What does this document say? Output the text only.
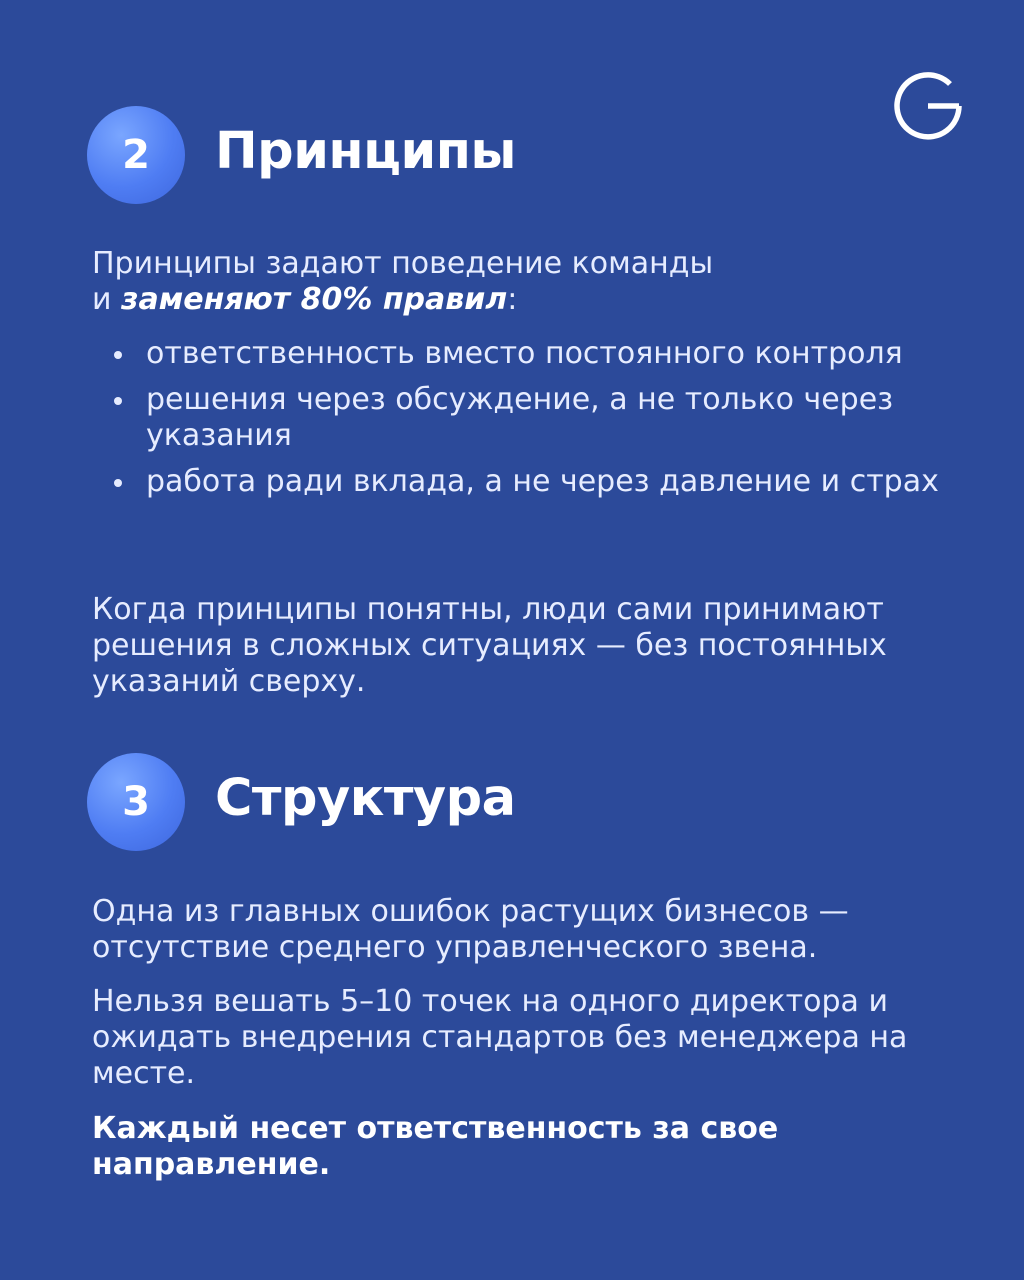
2 Принципы
Принципы задают поведение команды
и заменяют 80% правил:
ответственность вместо постоянного контроля
решения через обсуждение, а не только через указания
работа ради вклада, а не через давление и страх
Когда принципы понятны, люди сами принимают решения в сложных ситуациях — без постоянных указаний сверху.
3 Структура
Одна из главных ошибок растущих бизнесов — отсутствие среднего управленческого звена.
Нельзя вешать 5–10 точек на одного директора и ожидать внедрения стандартов без менеджера на месте.
Каждый несет ответственность за свое направление.
